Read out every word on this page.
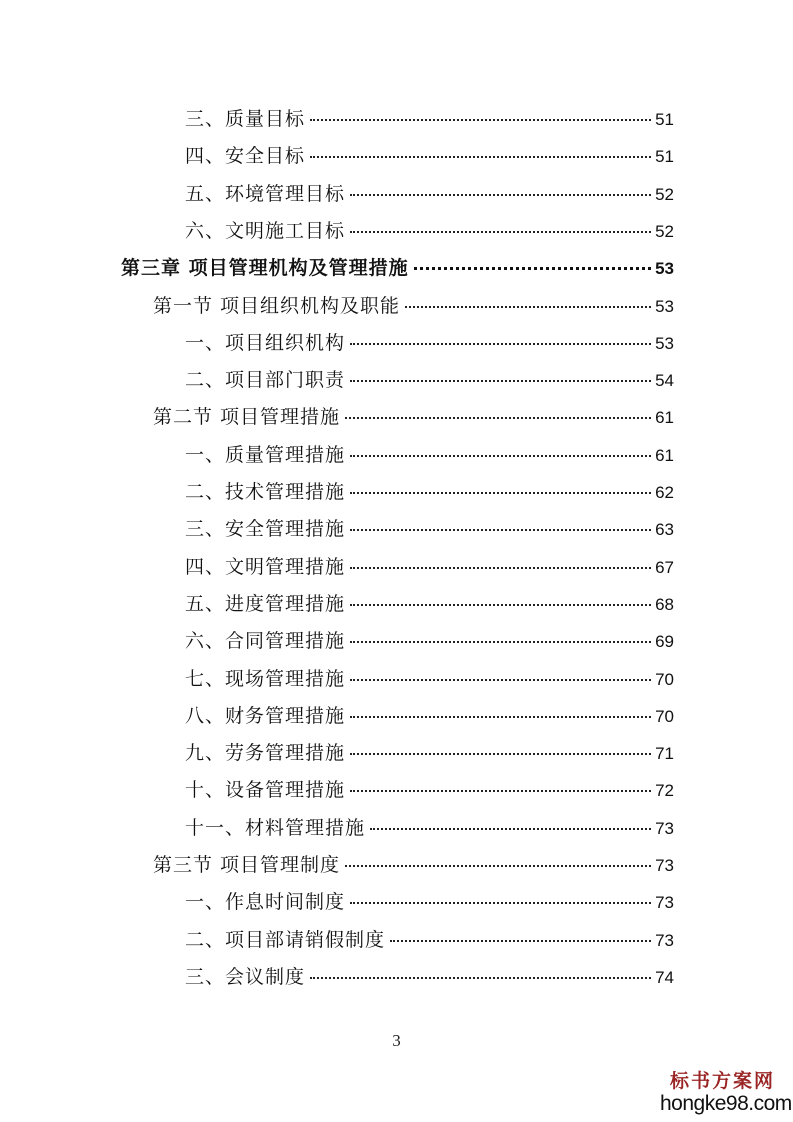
三、质量目标	51
四、安全目标	51
五、环境管理目标	52
六、文明施工目标	52
第三章 项目管理机构及管理措施	53
第一节 项目组织机构及职能	53
一、项目组织机构	53
二、项目部门职责	54
第二节 项目管理措施	61
一、质量管理措施	61
二、技术管理措施	62
三、安全管理措施	63
四、文明管理措施	67
五、进度管理措施	68
六、合同管理措施	69
七、现场管理措施	70
八、财务管理措施	70
九、劳务管理措施	71
十、设备管理措施	72
十一、材料管理措施	73
第三节 项目管理制度	73
一、作息时间制度	73
二、项目部请销假制度	73
三、会议制度	74
3
标书方案网
hongke98.com
